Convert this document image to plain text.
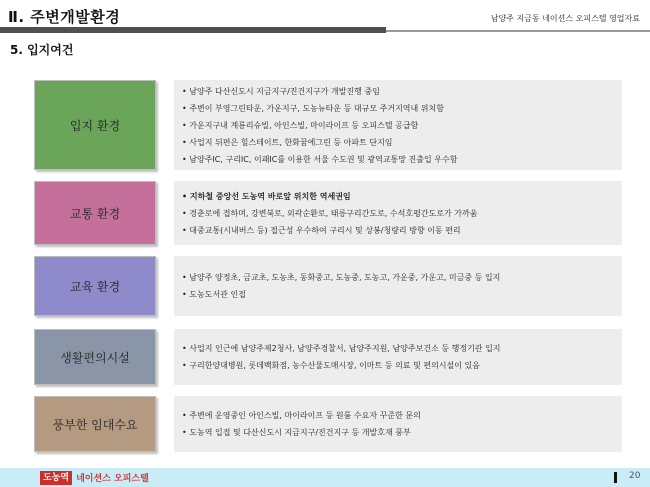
Ⅱ. 주변개발환경	남양주 지금동 네이션스 오피스텔 영업자료
5. 입지여건
입지 환경
• 남양주 다산신도시 지금지구/진건지구가 개발진행 중임
• 주변이 부영그린타운, 가운지구, 도농뉴타운 등 대규모 주거지역내 위치함
• 가운지구내 계룡리슈빌, 아인스빌, 마이라이프 등 오피스텔 공급함
• 사업지 뒤편은 힐스테이트, 한화꿈에그린 등 아파트 단지임
• 남양주IC, 구리IC, 이패IC를 이용한 서울 수도권 및 광역교통망 진출입 우수함
교통 환경
• 지하철 중앙선 도농역 바로앞 위치한 역세권임
• 경춘로에 접하며, 강변북로, 외곽순환로, 태릉구리간도로, 수석호평간도로가 가까움
• 대중교통(시내버스 등) 접근성 우수하여 구리시 및 상봉/청량리 방향 이동 편리
교육 환경
• 남양주 양정초, 금교초, 도농초, 동화중고, 도농중, 도농고, 가운중, 가운고, 미금중 등 입지
• 도농도서관 인접
생활편의시설
• 사업지 인근에 남양주제2청사, 남양주경찰서, 남양주지원, 남양주보건소 등 행정기관 입지
• 구리한양대병원, 롯데백화점, 농수산물도매시장, 이마트 등 의료 및 편의시설이 있음
풍부한 임대수요
• 주변에 운영중인 아인스빌, 마이라이프 등 원룸 수요자 꾸준한 문의
• 도농역 입접 및 다산신도시 지금지구/진건지구 등 개발호재 풍부
도농역 네이션스 오피스텔	20
